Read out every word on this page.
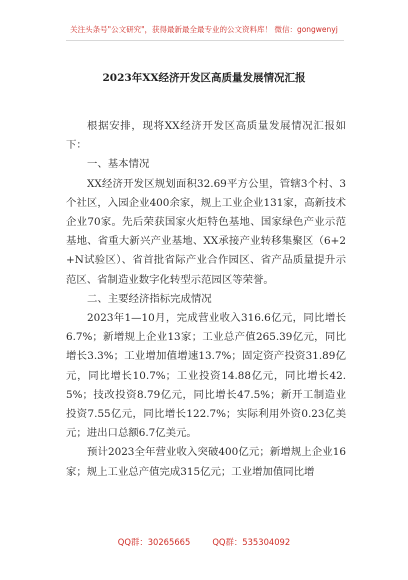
关注头条号"公文研究"，获得最新最全最专业的公文资料库！ 微信：gongwenyj
2023年XX经济开发区高质量发展情况汇报

根据安排，现将XX经济开发区高质量发展情况汇报如下：

一、基本情况

XX经济开发区规划面积32.69平方公里，管辖3个村、3个社区，入园企业400余家，规上工业企业131家，高新技术企业70家。先后荣获国家火炬特色基地、国家绿色产业示范基地、省重大新兴产业基地、XX承接产业转移集聚区（6+2+N试验区）、省首批省际产业合作园区、省产品质量提升示范区、省制造业数字化转型示范园区等荣誉。

二、主要经济指标完成情况

2023年1—10月，完成营业收入316.6亿元，同比增长6.7%；新增规上企业13家；工业总产值265.39亿元，同比增长3.3%；工业增加值增速13.7%；固定资产投资31.89亿元，同比增长10.7%；工业投资14.88亿元，同比增长42.5%；技改投资8.79亿元，同比增长47.5%；新开工制造业投资7.55亿元，同比增长122.7%；实际利用外资0.23亿美元；进出口总额6.7亿美元。

预计2023全年营业收入突破400亿元；新增规上企业16家；规上工业总产值完成315亿元；工业增加值同比增

QQ群：30265665	QQ群：535304092
